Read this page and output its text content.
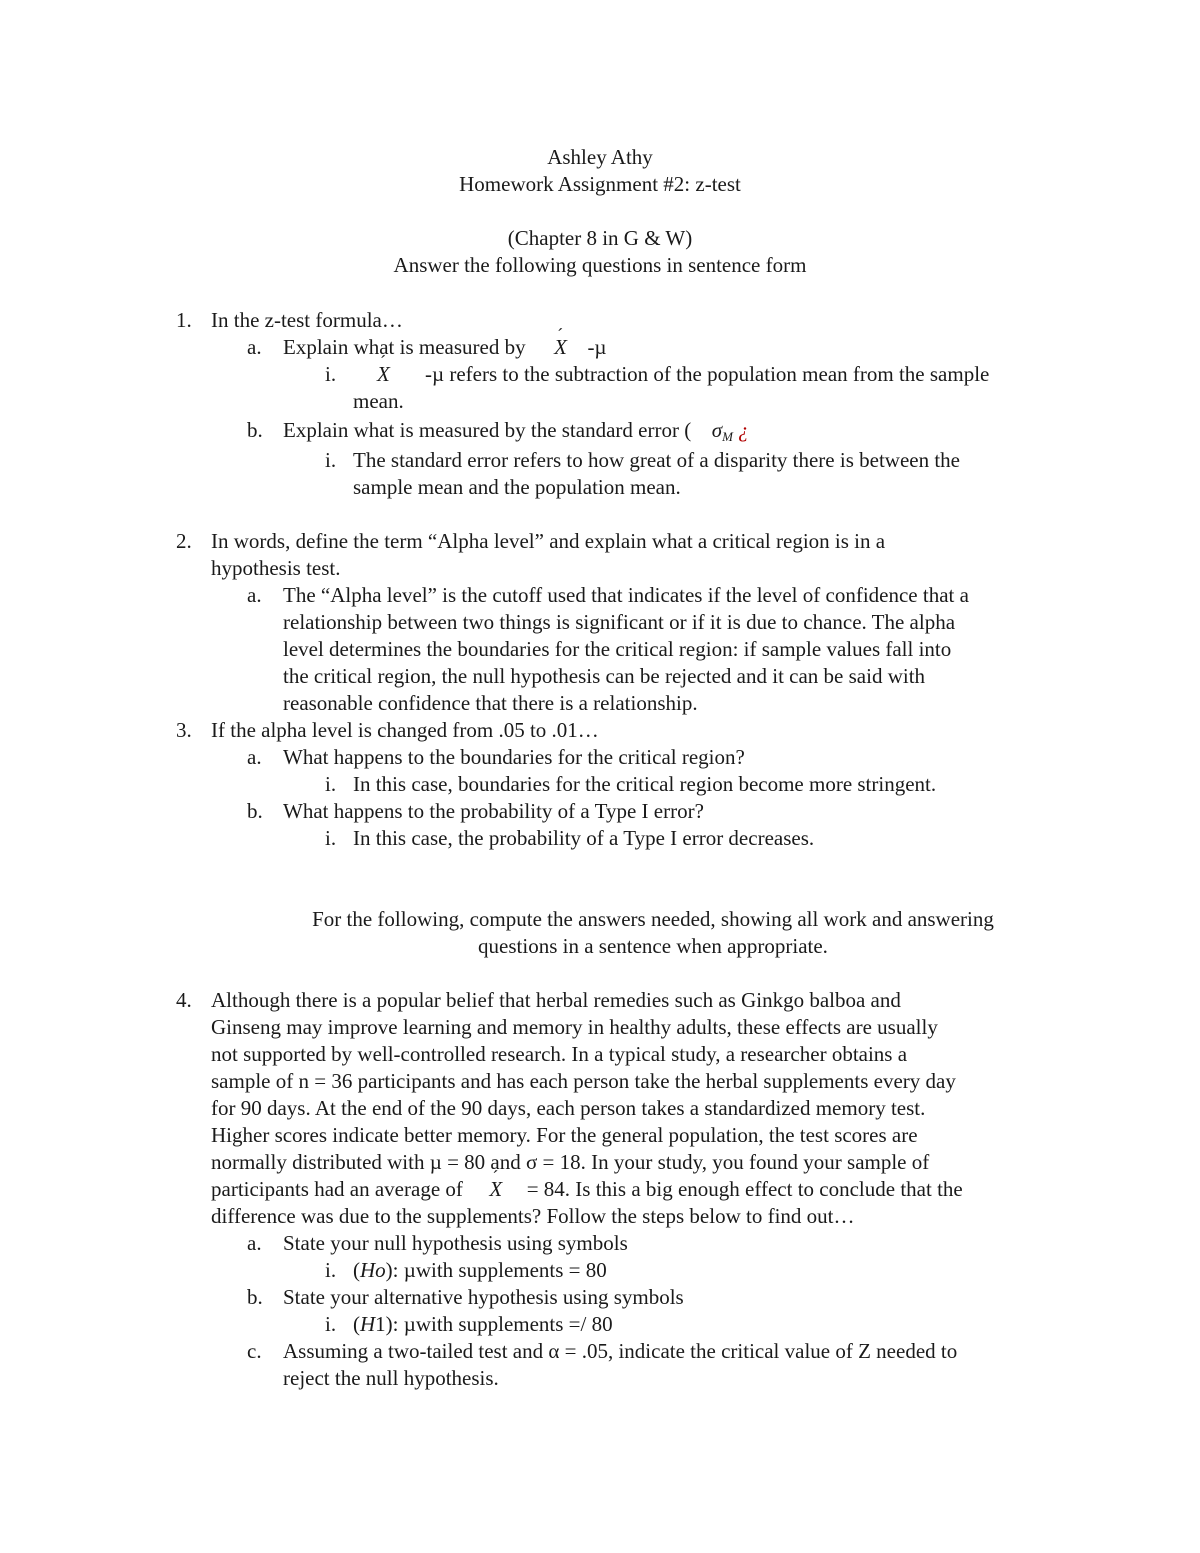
Ashley Athy
Homework Assignment #2: z-test
(Chapter 8 in G & W)
Answer the following questions in sentence form
1. In the z-test formula…
a. Explain what is measured by ´ X -µ
i. ´ X -µ refers to the subtraction of the population mean from the sample
mean.
b. Explain what is measured by the standard error ( $\sigma_M$ ¿
i. The standard error refers to how great of a disparity there is between the
sample mean and the population mean.
2. In words, define the term “Alpha level” and explain what a critical region is in a
hypothesis test.
a. The “Alpha level” is the cutoff used that indicates if the level of confidence that a
relationship between two things is significant or if it is due to chance. The alpha
level determines the boundaries for the critical region: if sample values fall into
the critical region, the null hypothesis can be rejected and it can be said with
reasonable confidence that there is a relationship.
3. If the alpha level is changed from .05 to .01…
a. What happens to the boundaries for the critical region?
i. In this case, boundaries for the critical region become more stringent.
b. What happens to the probability of a Type I error?
i. In this case, the probability of a Type I error decreases.
For the following, compute the answers needed, showing all work and answering
questions in a sentence when appropriate.
4. Although there is a popular belief that herbal remedies such as Ginkgo balboa and
Ginseng may improve learning and memory in healthy adults, these effects are usually
not supported by well-controlled research. In a typical study, a researcher obtains a
sample of n = 36 participants and has each person take the herbal supplements every day
for 90 days. At the end of the 90 days, each person takes a standardized memory test.
Higher scores indicate better memory. For the general population, the test scores are
normally distributed with µ = 80 and σ = 18. In your study, you found your sample of
participants had an average of ´ X = 84. Is this a big enough effect to conclude that the
difference was due to the supplements? Follow the steps below to find out…
a. State your null hypothesis using symbols
i. (Ho): µwith supplements = 80
b. State your alternative hypothesis using symbols
i. (H1): µwith supplements =/ 80
c. Assuming a two-tailed test and α = .05, indicate the critical value of Z needed to
reject the null hypothesis.
